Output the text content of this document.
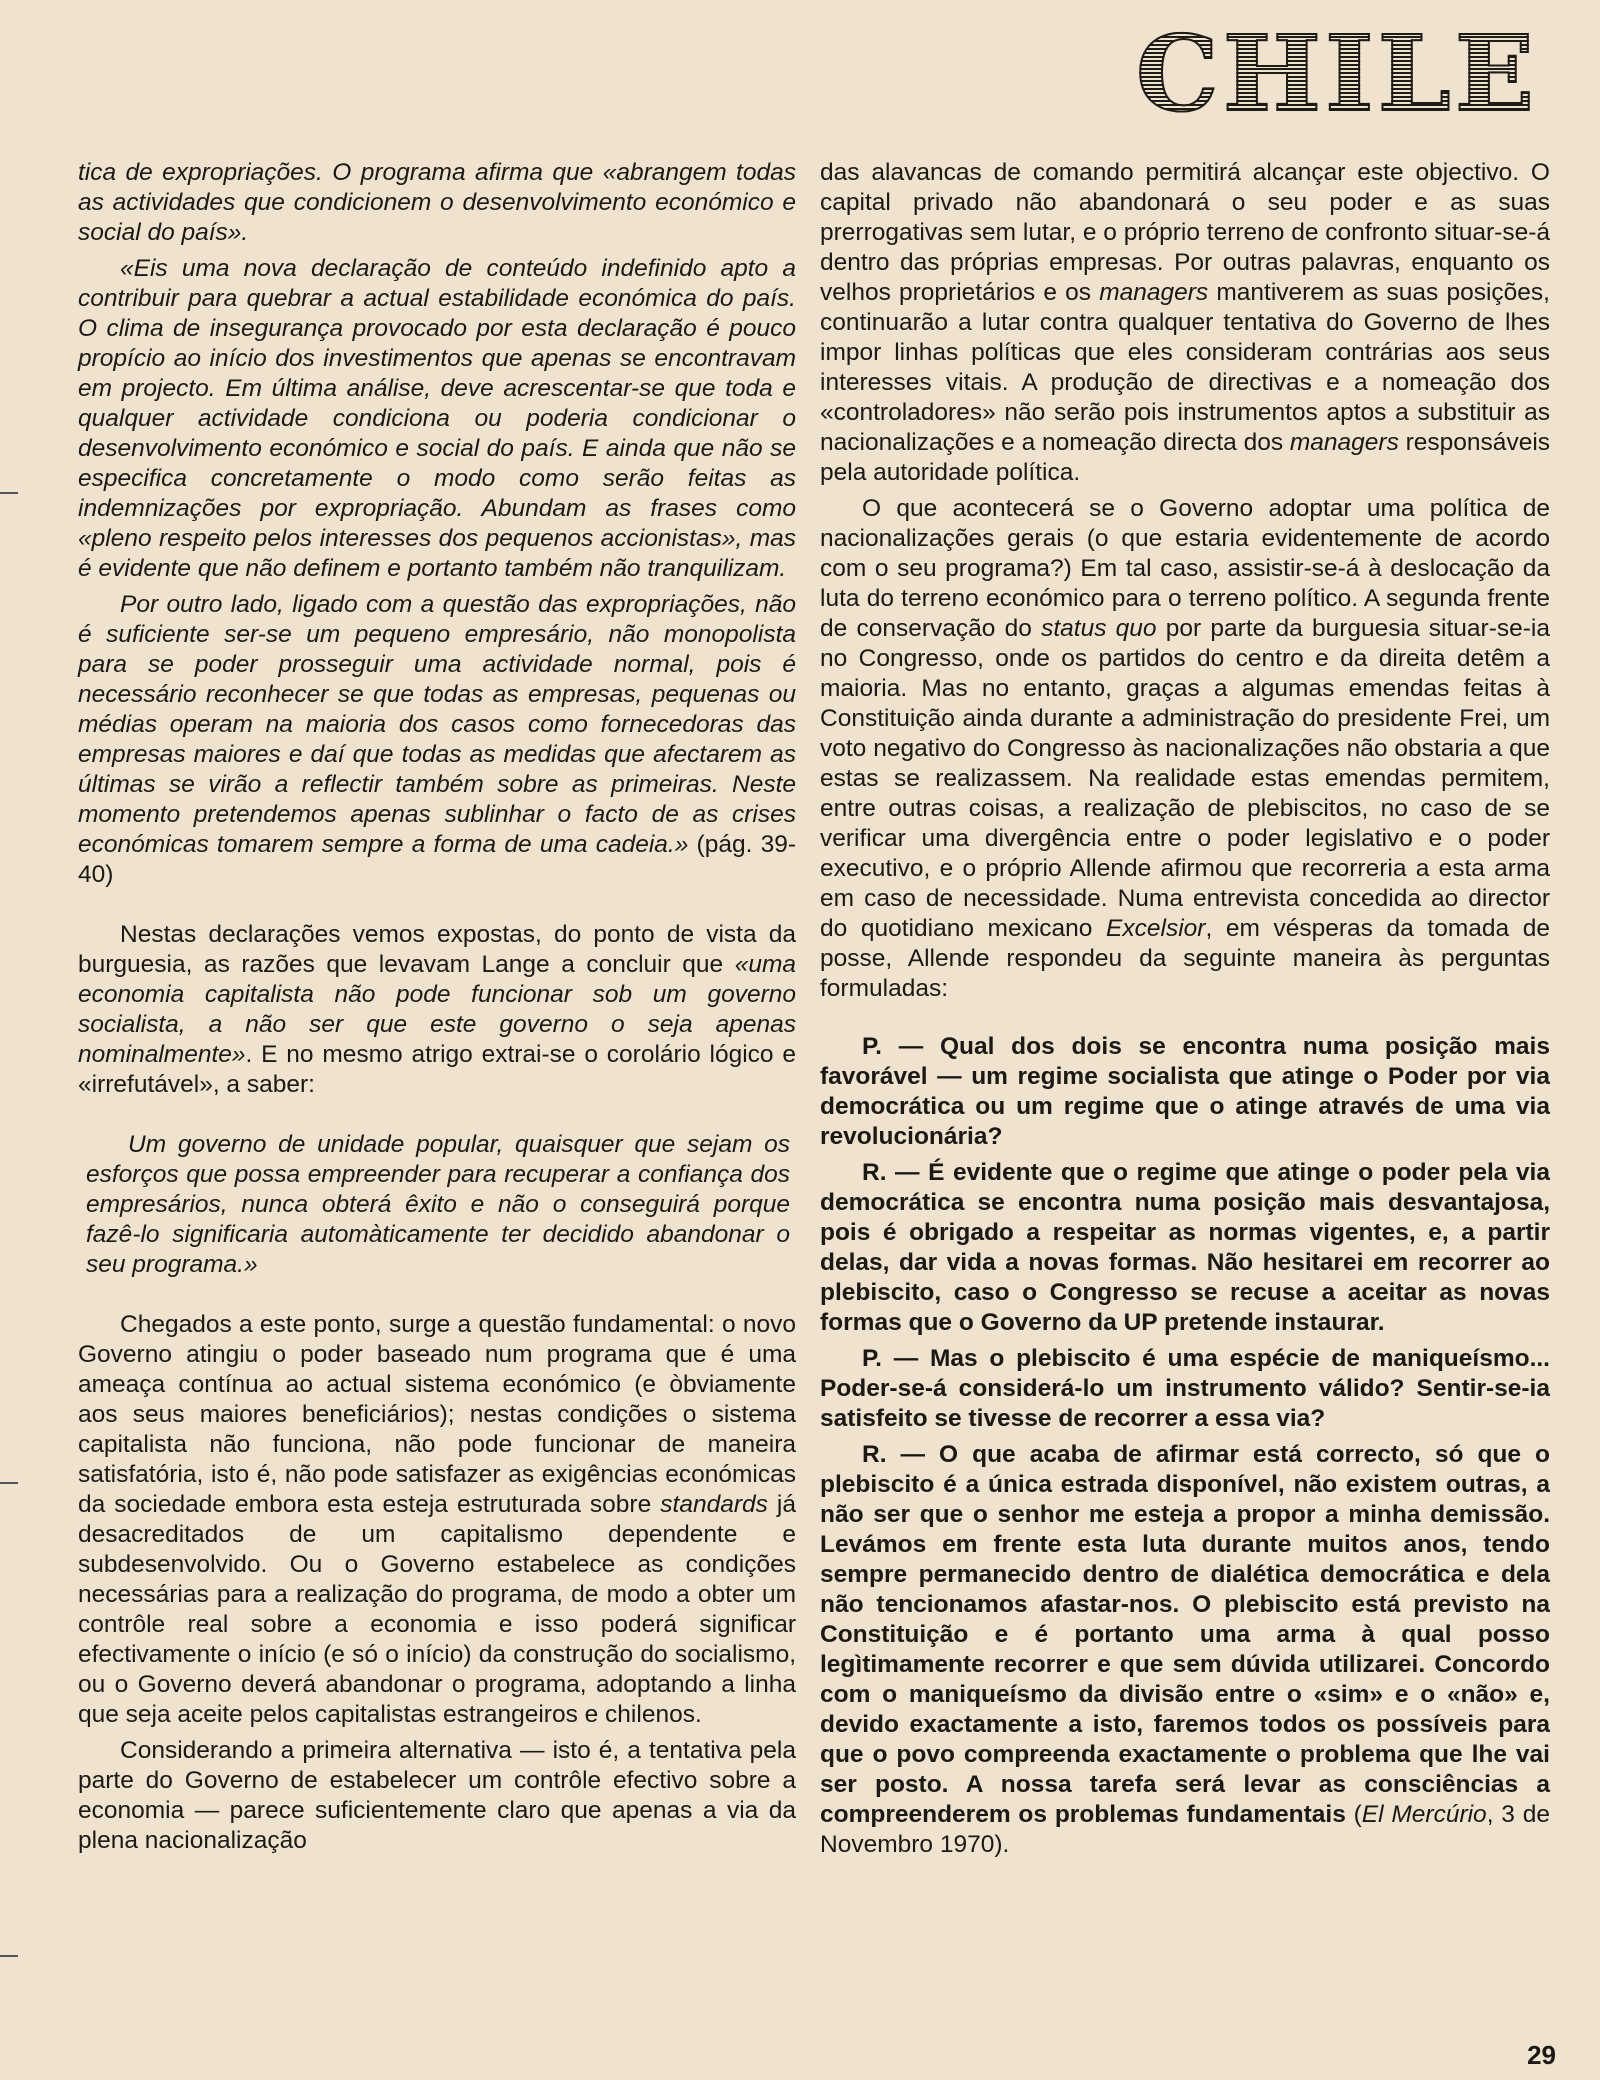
CHILE

tica de expropriações. O programa afirma que «abrangem todas as actividades que condicionem o desenvolvimento económico e social do país».

«Eis uma nova declaração de conteúdo indefinido apto a contribuir para quebrar a actual estabilidade económica do país. O clima de insegurança provocado por esta declaração é pouco propício ao início dos investimentos que apenas se encontravam em projecto. Em última análise, deve acrescentar-se que toda e qualquer actividade condiciona ou poderia condicionar o desenvolvimento económico e social do país. E ainda que não se especifica concretamente o modo como serão feitas as indemnizações por expropriação. Abundam as frases como «pleno respeito pelos interesses dos pequenos accionistas», mas é evidente que não definem e portanto também não tranquilizam.

Por outro lado, ligado com a questão das expropriações, não é suficiente ser-se um pequeno empresário, não monopolista para se poder prosseguir uma actividade normal, pois é necessário reconhecer se que todas as empresas, pequenas ou médias operam na maioria dos casos como fornecedoras das empresas maiores e daí que todas as medidas que afectarem as últimas se virão a reflectir também sobre as primeiras. Neste momento pretendemos apenas sublinhar o facto de as crises económicas tomarem sempre a forma de uma cadeia.» (pág. 39-40)

Nestas declarações vemos expostas, do ponto de vista da burguesia, as razões que levavam Lange a concluir que «uma economia capitalista não pode funcionar sob um governo socialista, a não ser que este governo o seja apenas nominalmente». E no mesmo atrigo extrai-se o corolário lógico e «irrefutável», a saber:

Um governo de unidade popular, quaisquer que sejam os esforços que possa empreender para recuperar a confiança dos empresários, nunca obterá êxito e não o conseguirá porque fazê-lo significaria automàticamente ter decidido abandonar o seu programa.»

Chegados a este ponto, surge a questão fundamental: o novo Governo atingiu o poder baseado num programa que é uma ameaça contínua ao actual sistema económico (e òbviamente aos seus maiores beneficiários); nestas condições o sistema capitalista não funciona, não pode funcionar de maneira satisfatória, isto é, não pode satisfazer as exigências económicas da sociedade embora esta esteja estruturada sobre standards já desacreditados de um capitalismo dependente e subdesenvolvido. Ou o Governo estabelece as condições necessárias para a realização do programa, de modo a obter um contrôle real sobre a economia e isso poderá significar efectivamente o início (e só o início) da construção do socialismo, ou o Governo deverá abandonar o programa, adoptando a linha que seja aceite pelos capitalistas estrangeiros e chilenos.

Considerando a primeira alternativa — isto é, a tentativa pela parte do Governo de estabelecer um contrôle efectivo sobre a economia — parece suficientemente claro que apenas a via da plena nacionalização

das alavancas de comando permitirá alcançar este objectivo. O capital privado não abandonará o seu poder e as suas prerrogativas sem lutar, e o próprio terreno de confronto situar-se-á dentro das próprias empresas. Por outras palavras, enquanto os velhos proprietários e os managers mantiverem as suas posições, continuarão a lutar contra qualquer tentativa do Governo de lhes impor linhas políticas que eles consideram contrárias aos seus interesses vitais. A produção de directivas e a nomeação dos «controladores» não serão pois instrumentos aptos a substituir as nacionalizações e a nomeação directa dos managers responsáveis pela autoridade política.

O que acontecerá se o Governo adoptar uma política de nacionalizações gerais (o que estaria evidentemente de acordo com o seu programa?) Em tal caso, assistir-se-á à deslocação da luta do terreno económico para o terreno político. A segunda frente de conservação do status quo por parte da burguesia situar-se-ia no Congresso, onde os partidos do centro e da direita detêm a maioria. Mas no entanto, graças a algumas emendas feitas à Constituição ainda durante a administração do presidente Frei, um voto negativo do Congresso às nacionalizações não obstaria a que estas se realizassem. Na realidade estas emendas permitem, entre outras coisas, a realização de plebiscitos, no caso de se verificar uma divergência entre o poder legislativo e o poder executivo, e o próprio Allende afirmou que recorreria a esta arma em caso de necessidade. Numa entrevista concedida ao director do quotidiano mexicano Excelsior, em vésperas da tomada de posse, Allende respondeu da seguinte maneira às perguntas formuladas:

P. — Qual dos dois se encontra numa posição mais favorável — um regime socialista que atinge o Poder por via democrática ou um regime que o atinge através de uma via revolucionária?

R. — É evidente que o regime que atinge o poder pela via democrática se encontra numa posição mais desvantajosa, pois é obrigado a respeitar as normas vigentes, e, a partir delas, dar vida a novas formas. Não hesitarei em recorrer ao plebiscito, caso o Congresso se recuse a aceitar as novas formas que o Governo da UP pretende instaurar.

P. — Mas o plebiscito é uma espécie de maniqueísmo... Poder-se-á considerá-lo um instrumento válido? Sentir-se-ia satisfeito se tivesse de recorrer a essa via?

R. — O que acaba de afirmar está correcto, só que o plebiscito é a única estrada disponível, não existem outras, a não ser que o senhor me esteja a propor a minha demissão. Levámos em frente esta luta durante muitos anos, tendo sempre permanecido dentro de dialética democrática e dela não tencionamos afastar-nos. O plebiscito está previsto na Constituição e é portanto uma arma à qual posso legìtimamente recorrer e que sem dúvida utilizarei. Concordo com o maniqueísmo da divisão entre o «sim» e o «não» e, devido exactamente a isto, faremos todos os possíveis para que o povo compreenda exactamente o problema que lhe vai ser posto. A nossa tarefa será levar as consciências a compreenderem os problemas fundamentais (El Mercúrio, 3 de Novembro 1970).

29
